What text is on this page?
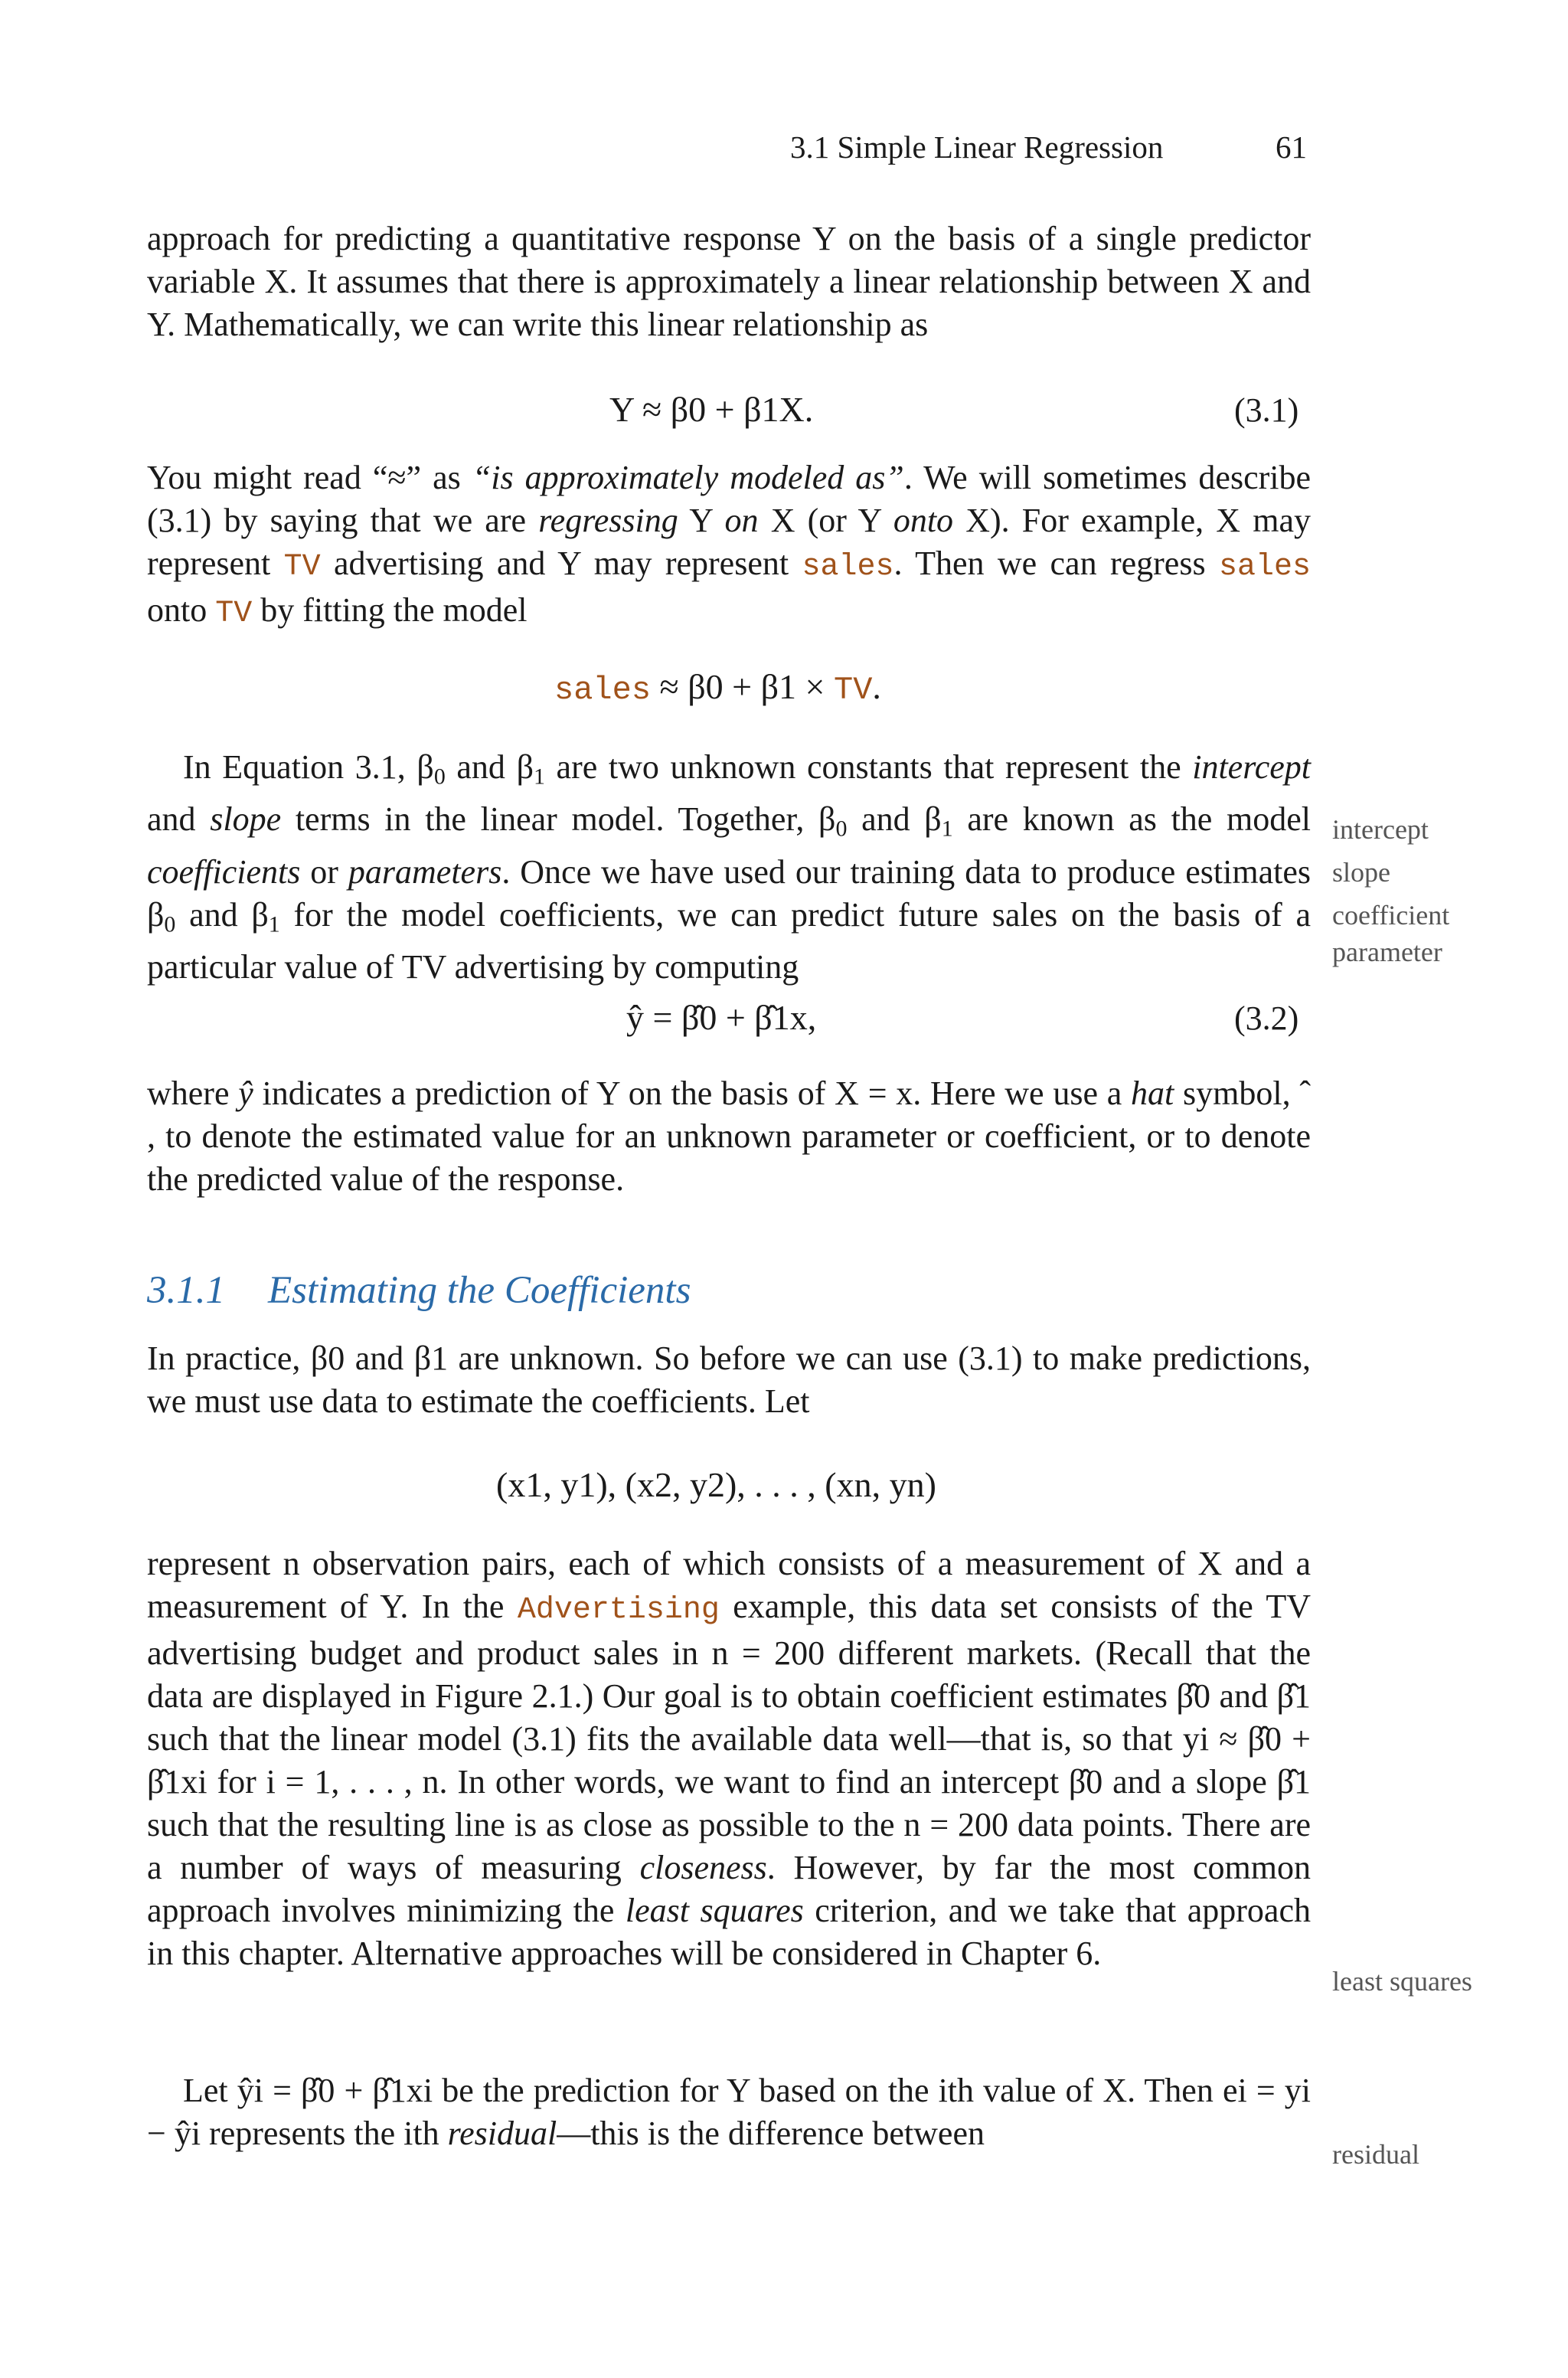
3.1 Simple Linear Regression	61

approach for predicting a quantitative response Y on the basis of a single predictor variable X. It assumes that there is approximately a linear relationship between X and Y. Mathematically, we can write this linear relationship as

Y ≈ β0 + β1X.	(3.1)

You might read “≈” as “is approximately modeled as”. We will sometimes describe (3.1) by saying that we are regressing Y on X (or Y onto X). For example, X may represent TV advertising and Y may represent sales. Then we can regress sales onto TV by fitting the model

sales ≈ β0 + β1 × TV.

In Equation 3.1, $\beta_0$ and $\beta_1$ are two unknown constants that represent the intercept and slope terms in the linear model. Together, $\beta_0$ and $\beta_1$ are known as the model coefficients or parameters. Once we have used our training data to produce estimates $\beta_0$ and $\beta_1$ for the model coefficients, we can predict future sales on the basis of a particular value of TV advertising by computing

ŷ = β̂0 + β̂1x,	(3.2)

where ŷ indicates a prediction of Y on the basis of X = x. Here we use a hat symbol, ˆ , to denote the estimated value for an unknown parameter or coefficient, or to denote the predicted value of the response.

3.1.1 Estimating the Coefficients

In practice, β0 and β1 are unknown. So before we can use (3.1) to make predictions, we must use data to estimate the coefficients. Let

(x1, y1), (x2, y2), . . . , (xn, yn)

represent n observation pairs, each of which consists of a measurement of X and a measurement of Y. In the Advertising example, this data set consists of the TV advertising budget and product sales in n = 200 different markets. (Recall that the data are displayed in Figure 2.1.) Our goal is to obtain coefficient estimates β̂0 and β̂1 such that the linear model (3.1) fits the available data well—that is, so that yi ≈ β̂0 + β̂1xi for i = 1, . . . , n. In other words, we want to find an intercept β̂0 and a slope β̂1 such that the resulting line is as close as possible to the n = 200 data points. There are a number of ways of measuring closeness. However, by far the most common approach involves minimizing the least squares criterion, and we take that approach in this chapter. Alternative approaches will be considered in Chapter 6.

Let ŷi = β̂0 + β̂1xi be the prediction for Y based on the ith value of X. Then ei = yi − ŷi represents the ith residual—this is the difference between

intercept
slope
coefficient
parameter
least squares
residual
